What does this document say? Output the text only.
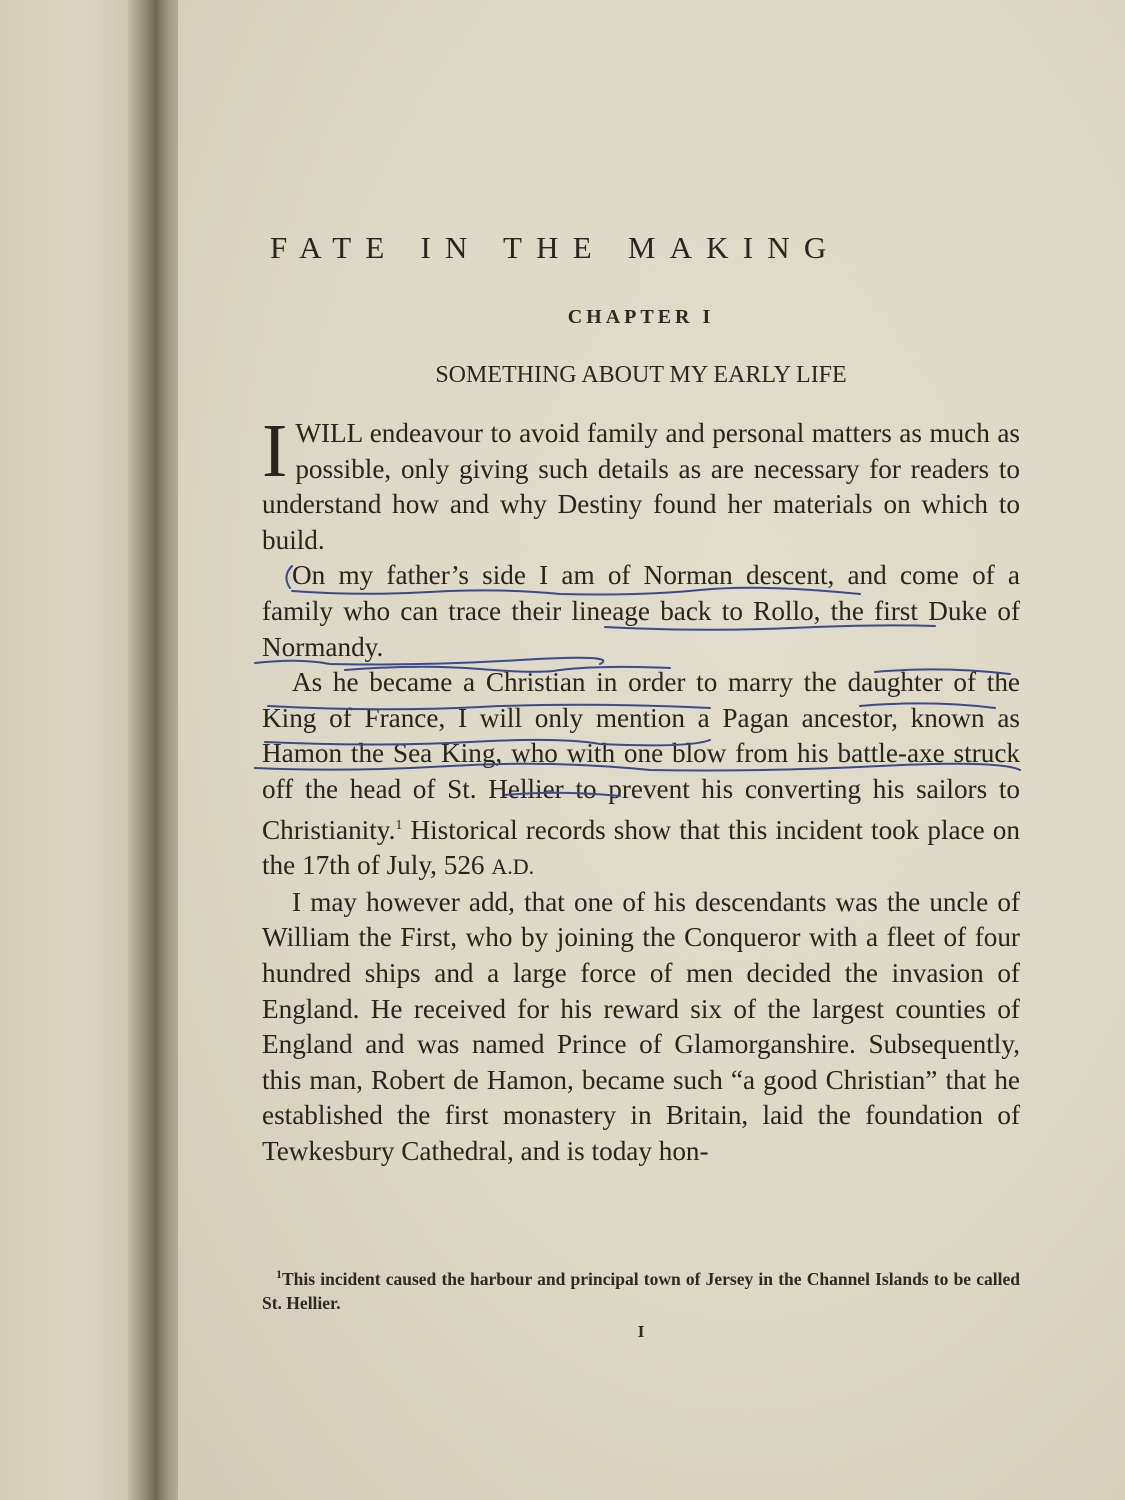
FATE IN THE MAKING
CHAPTER I
SOMETHING ABOUT MY EARLY LIFE

I WILL endeavour to avoid family and personal matters as much as possible, only giving such details as are necessary for readers to understand how and why Destiny found her materials on which to build.

On my father’s side I am of Norman descent, and come of a family who can trace their lineage back to Rollo, the first Duke of Normandy.

As he became a Christian in order to marry the daughter of the King of France, I will only mention a Pagan ancestor, known as Hamon the Sea King, who with one blow from his battle-axe struck off the head of St. Hellier to prevent his converting his sailors to Christianity.$^1$ Historical records show that this incident took place on the 17th of July, 526 A.D.

I may however add, that one of his descendants was the uncle of William the First, who by joining the Conqueror with a fleet of four hundred ships and a large force of men decided the invasion of England. He received for his reward six of the largest counties of England and was named Prince of Glamorganshire. Subsequently, this man, Robert de Hamon, became such “a good Christian” that he established the first monastery in Britain, laid the foundation of Tewkesbury Cathedral, and is today hon-

$^1$This incident caused the harbour and principal town of Jersey in the Channel Islands to be called St. Hellier.
I
